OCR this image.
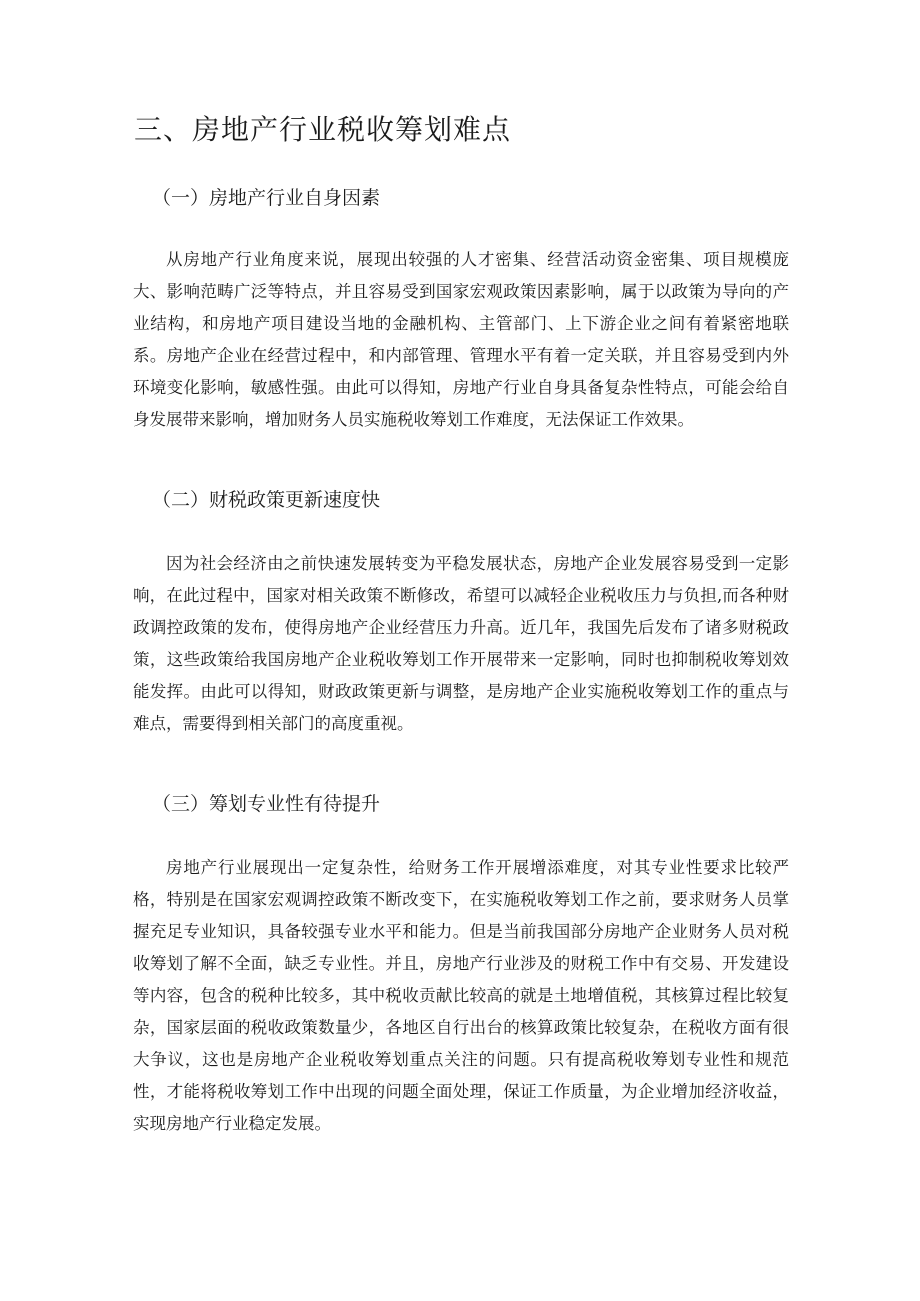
三、房地产行业税收筹划难点
（一）房地产行业自身因素

从房地产行业角度来说，展现出较强的人才密集、经营活动资金密集、项目规模庞大、影响范畴广泛等特点，并且容易受到国家宏观政策因素影响，属于以政策为导向的产业结构，和房地产项目建设当地的金融机构、主管部门、上下游企业之间有着紧密地联系。房地产企业在经营过程中，和内部管理、管理水平有着一定关联，并且容易受到内外环境变化影响，敏感性强。由此可以得知，房地产行业自身具备复杂性特点，可能会给自身发展带来影响，增加财务人员实施税收筹划工作难度，无法保证工作效果。

（二）财税政策更新速度快

因为社会经济由之前快速发展转变为平稳发展状态，房地产企业发展容易受到一定影响，在此过程中，国家对相关政策不断修改，希望可以减轻企业税收压力与负担,而各种财政调控政策的发布，使得房地产企业经营压力升高。近几年，我国先后发布了诸多财税政策，这些政策给我国房地产企业税收筹划工作开展带来一定影响，同时也抑制税收筹划效能发挥。由此可以得知，财政政策更新与调整，是房地产企业实施税收筹划工作的重点与难点，需要得到相关部门的高度重视。

（三）筹划专业性有待提升

房地产行业展现出一定复杂性，给财务工作开展增添难度，对其专业性要求比较严格，特别是在国家宏观调控政策不断改变下，在实施税收筹划工作之前，要求财务人员掌握充足专业知识，具备较强专业水平和能力。但是当前我国部分房地产企业财务人员对税收筹划了解不全面，缺乏专业性。并且，房地产行业涉及的财税工作中有交易、开发建设等内容，包含的税种比较多，其中税收贡献比较高的就是土地增值税，其核算过程比较复杂，国家层面的税收政策数量少，各地区自行出台的核算政策比较复杂，在税收方面有很大争议，这也是房地产企业税收筹划重点关注的问题。只有提高税收筹划专业性和规范性，才能将税收筹划工作中出现的问题全面处理，保证工作质量，为企业增加经济收益，实现房地产行业稳定发展。
